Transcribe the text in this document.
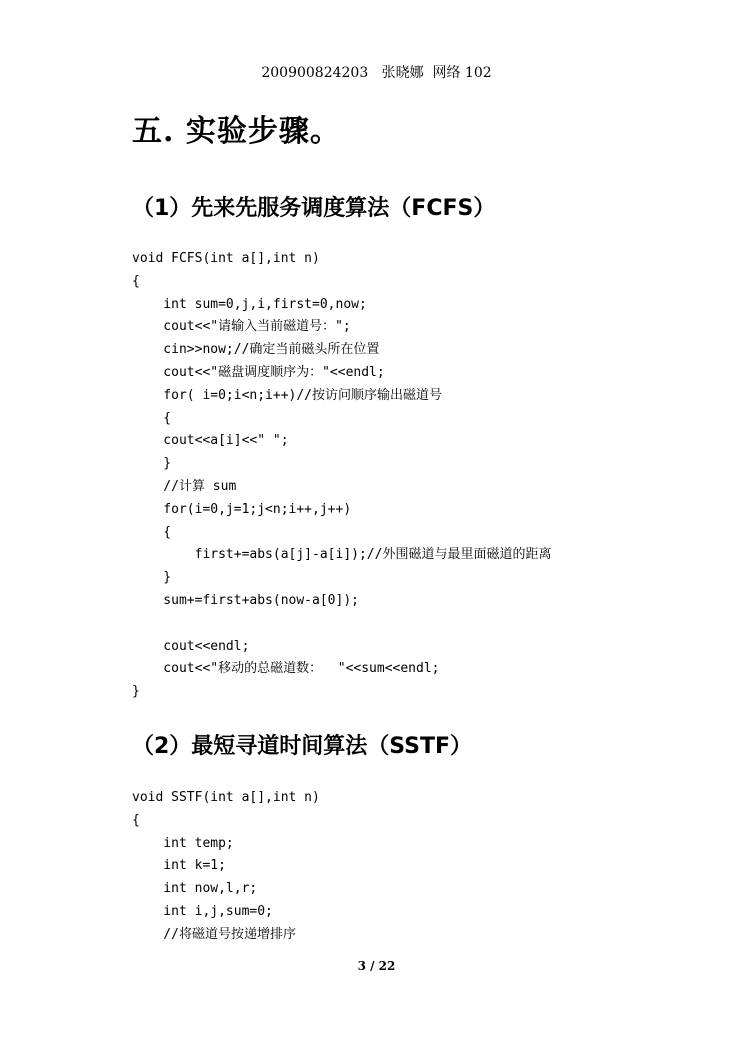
200900824203   张晓娜  网络 102
五. 实验步骤。
（1）先来先服务调度算法（FCFS）
void FCFS(int a[],int n)
{
int sum=0,j,i,first=0,now;
cout<<"请输入当前磁道号：";
cin>>now;//确定当前磁头所在位置
cout<<"磁盘调度顺序为："<<endl;
for( i=0;i<n;i++)//按访问顺序输出磁道号
{
cout<<a[i]<<" ";
}
//计算 sum
for(i=0,j=1;j<n;i++,j++)
{
first+=abs(a[j]-a[i]);//外围磁道与最里面磁道的距离
}
sum+=first+abs(now-a[0]);
cout<<endl;
cout<<"移动的总磁道数：  "<<sum<<endl;
}
（2）最短寻道时间算法（SSTF）
void SSTF(int a[],int n)
{
int temp;
int k=1;
int now,l,r;
int i,j,sum=0;
//将磁道号按递增排序
3 / 22
